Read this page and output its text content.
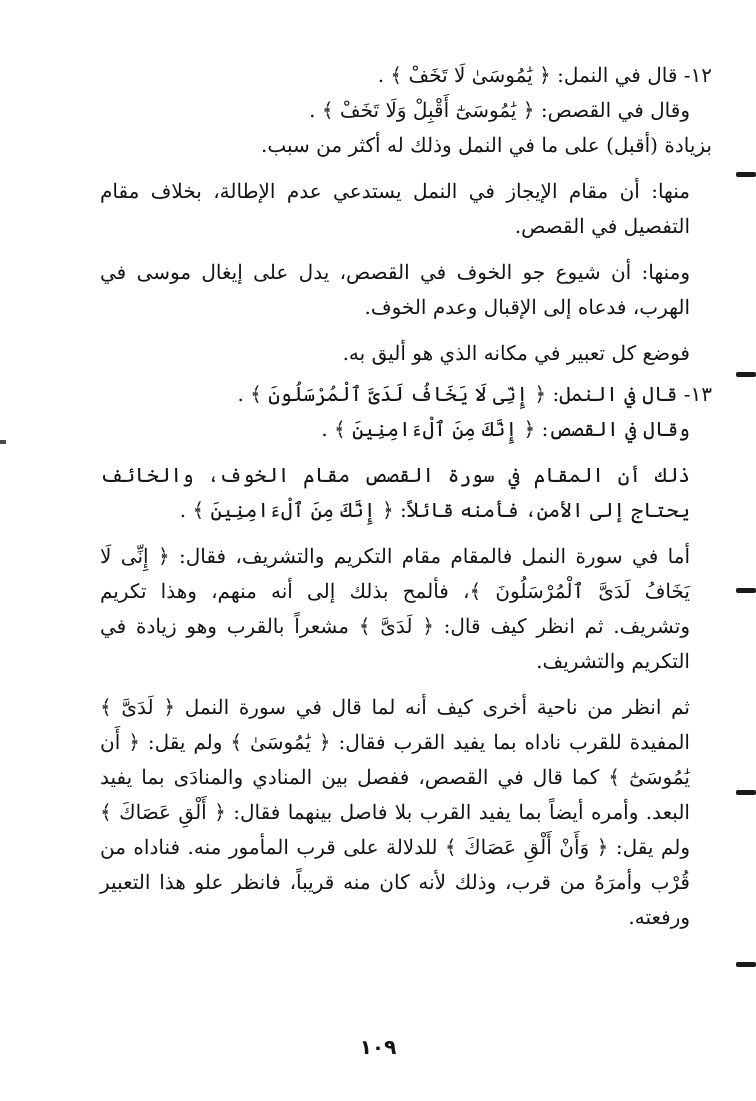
١٢- قال في النمل: ﴿ يَٰمُوسَىٰ لَا تَخَفْ ﴾ .

وقال في القصص: ﴿ يَٰمُوسَىٰٓ أَقْبِلْ وَلَا تَخَفْ ﴾ .

بزيادة (أقبل) على ما في النمل وذلك له أكثر من سبب.

منها: أن مقام الإيجاز في النمل يستدعي عدم الإطالة، بخلاف مقام التفصيل في القصص.

ومنها: أن شيوع جو الخوف في القصص، يدل على إيغال موسى في الهرب، فدعاه إلى الإقبال وعدم الخوف.

فوضع كل تعبير في مكانه الذي هو أليق به.

١٣- قال في النمل: ﴿ إِنِّى لَا يَخَافُ لَدَىَّ ٱلْمُرْسَلُونَ ﴾ .

وقال في القصص: ﴿ إِنَّكَ مِنَ ٱلْءَامِنِينَ ﴾ .

ذلك أن المقام في سورة القصص مقام الخوف، والخائف يحتاج إلى الأمن، فأمنه قائلاً: ﴿ إِنَّكَ مِنَ ٱلْءَامِنِينَ ﴾ .

أما في سورة النمل فالمقام مقام التكريم والتشريف، فقال: ﴿ إِنِّى لَا يَخَافُ لَدَىَّ ٱلْمُرْسَلُونَ ﴾، فألمح بذلك إلى أنه منهم، وهذا تكريم وتشريف. ثم انظر كيف قال: ﴿ لَدَىَّ ﴾ مشعراً بالقرب وهو زيادة في التكريم والتشريف.

ثم انظر من ناحية أخرى كيف أنه لما قال في سورة النمل ﴿ لَدَىَّ ﴾ المفيدة للقرب ناداه بما يفيد القرب فقال: ﴿ يَٰمُوسَىٰ ﴾ ولم يقل: ﴿ أَن يَٰمُوسَىٰٓ ﴾ كما قال في القصص، ففصل بين المنادي والمنادَى بما يفيد البعد. وأمره أيضاً بما يفيد القرب بلا فاصل بينهما فقال: ﴿ أَلْقِ عَصَاكَ ﴾ ولم يقل: ﴿ وَأَنْ أَلْقِ عَصَاكَ ﴾ للدلالة على قرب المأمور منه. فناداه من قُرْب وأمرَهُ من قرب، وذلك لأنه كان منه قريباً، فانظر علو هذا التعبير ورفعته.

١٠٩
